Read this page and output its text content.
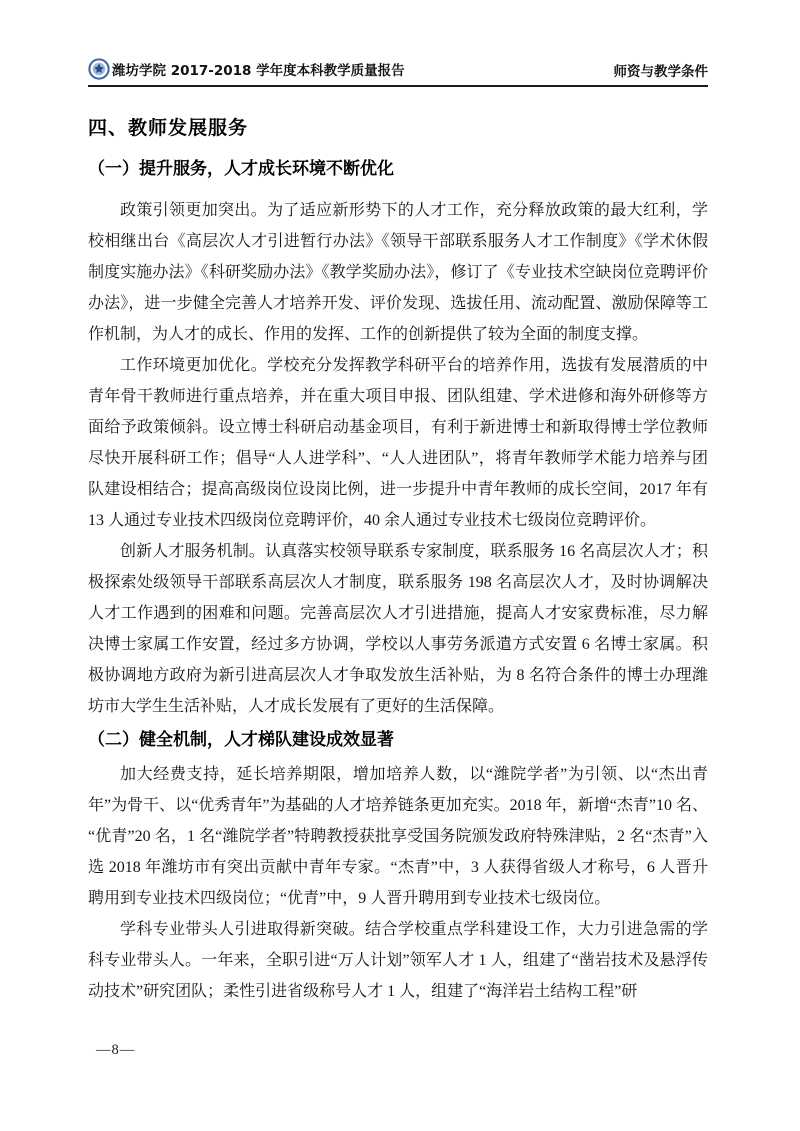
潍坊学院 2017-2018 学年度本科教学质量报告	师资与教学条件
四、教师发展服务
（一）提升服务，人才成长环境不断优化

政策引领更加突出。为了适应新形势下的人才工作，充分释放政策的最大红利，学校相继出台《高层次人才引进暂行办法》《领导干部联系服务人才工作制度》《学术休假制度实施办法》《科研奖励办法》《教学奖励办法》，修订了《专业技术空缺岗位竞聘评价办法》，进一步健全完善人才培养开发、评价发现、选拔任用、流动配置、激励保障等工作机制，为人才的成长、作用的发挥、工作的创新提供了较为全面的制度支撑。

工作环境更加优化。学校充分发挥教学科研平台的培养作用，选拔有发展潜质的中青年骨干教师进行重点培养，并在重大项目申报、团队组建、学术进修和海外研修等方面给予政策倾斜。设立博士科研启动基金项目，有利于新进博士和新取得博士学位教师尽快开展科研工作；倡导“人人进学科”、“人人进团队”，将青年教师学术能力培养与团队建设相结合；提高高级岗位设岗比例，进一步提升中青年教师的成长空间，2017 年有 13 人通过专业技术四级岗位竞聘评价，40 余人通过专业技术七级岗位竞聘评价。

创新人才服务机制。认真落实校领导联系专家制度，联系服务 16 名高层次人才；积极探索处级领导干部联系高层次人才制度，联系服务 198 名高层次人才，及时协调解决人才工作遇到的困难和问题。完善高层次人才引进措施，提高人才安家费标准，尽力解决博士家属工作安置，经过多方协调，学校以人事劳务派遣方式安置 6 名博士家属。积极协调地方政府为新引进高层次人才争取发放生活补贴，为 8 名符合条件的博士办理潍坊市大学生生活补贴，人才成长发展有了更好的生活保障。

（二）健全机制，人才梯队建设成效显著

加大经费支持，延长培养期限，增加培养人数，以“潍院学者”为引领、以“杰出青年”为骨干、以“优秀青年”为基础的人才培养链条更加充实。2018 年，新增“杰青”10 名、“优青”20 名，1 名“潍院学者”特聘教授获批享受国务院颁发政府特殊津贴，2 名“杰青”入选 2018 年潍坊市有突出贡献中青年专家。“杰青”中，3 人获得省级人才称号，6 人晋升聘用到专业技术四级岗位；“优青”中，9 人晋升聘用到专业技术七级岗位。

学科专业带头人引进取得新突破。结合学校重点学科建设工作，大力引进急需的学科专业带头人。一年来，全职引进“万人计划”领军人才 1 人，组建了“凿岩技术及悬浮传动技术”研究团队；柔性引进省级称号人才 1 人，组建了“海洋岩土结构工程”研

—8—
